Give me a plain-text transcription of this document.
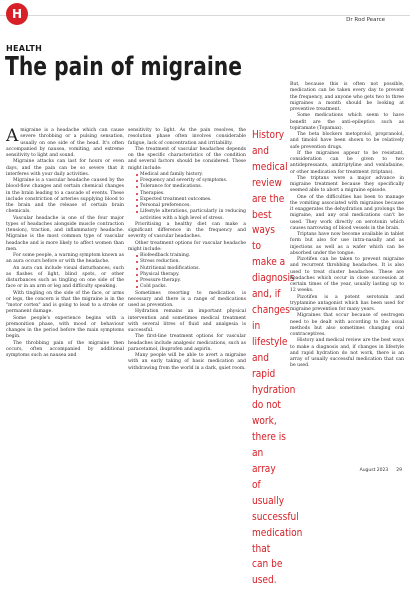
H	Dr Rod Pearce
HEALTH
The pain of migraine

Amigraine is a headache which can cause severe throbbing or a pulsing sensation, usually on one side of the head. It's often accompanied by nausea, vomiting, and extreme sensitivity to light and sound.

Migraine attacks can last for hours or even days, and the pain can be so severe that it interferes with your daily activities.

Migraine is a vascular headache caused by the blood-flow changes and certain chemical changes in the brain leading to a cascade of events. These include constriction of arteries supplying blood to the brain and the release of certain brain chemicals.

Vascular headache is one of the four major types of headaches alongside muscle contraction (tension), traction, and inflammatory headache. Migraine is the most common type of vascular headache and is more likely to affect women than men.

For some people, a warning symptom known as an aura occurs before or with the headache.

An aura can include visual disturbances, such as flashes of light, blind spots, or other disturbances such as tingling on one side of the face or in an arm or leg and difficulty speaking.

With tingling on the side of the face, or arms or legs, the concern is that the migraine is in the "motor cortex" and is going to lead to a stroke or permanent damage.

Some people's experience begins with a premonition phase, with mood or behaviour changes in the period before the main symptoms begin.

The throbbing pain of the migraine then occurs, often accompanied by additional symptoms such as nausea and

sensitivity to light. As the pain resolves, the resolution phase often involves considerable fatigue, lack of concentration and irritability.

The treatment of vascular headaches depends on the specific characteristics of the condition and several factors should be considered. These might include:

Medical and family history.
Frequency and severity of symptoms.
Tolerance for medications.
Therapies.
Expected treatment outcomes.
Personal preferences.
Lifestyle alterations, particularly in reducing activities with a high level of stress.

Prioritising a healthy diet can make a significant difference in the frequency and severity of vascular headaches.

Other treatment options for vascular headache might include:

Biofeedback training.
Stress reduction.
Nutritional modifications.
Physical therapy.
Pressure therapy.
Cold packs.

Sometimes resorting to medication is necessary and there is a range of medications used as prevention.

Hydration remains an important physical intervention and sometimes medical treatment with several litres of fluid and analgesia is successful.

The first-line treatment options for vascular headaches include analgesic medications, such as paracetamol, ibuprofen and aspirin.

Many people will be able to avert a migraine with an early taking of basic medication and withdrawing from the world in a dark, quiet room.

History and medical review are the best ways to make a diagnosis and, if changes in lifestyle and rapid hydration do not work, there is an array of usually successful medication that can be used.

But, because this is often not possible, medication can be taken every day to prevent the frequency, and anyone who gets two to three migraines a month should be looking at preventive treatment.

Some medications which seem to have benefit are the anti-epileptics such as topiramate (Topamax).

The beta blockers metoprolol, propranolol, and timolol have been shown to be relatively safe prevention drugs.

If the migraines appear to be resistant, consideration can be given to two antidepressants, amitriptyline and venlafaxine, or other medication for treatment (triptans).

The triptans were a major advance in migraine treatment because they specifically seemed able to abort a migraine episode.

One of the difficulties has been to manage the vomiting associated with migraines because it exaggerates the dehydration and prolongs the migraine, and any oral medications can't be used. They work directly on serotonin which causes narrowing of blood vessels in the brain.

Triptans have now become available in tablet form but also for use intra-nasally and as injections as well as a wafer which can be absorbed under the tongue.

Pizotifen can be taken to prevent migraine and recurrent throbbing headaches. It is also used to treat cluster headaches. These are headaches which occur in close succession at certain times of the year, usually lasting up to 12 weeks.

Pizotifen is a potent serotonin and tryptamine antagonist which has been used for migraine prevention for many years.

Migraines that occur because of oestrogen need to be dealt with according to the usual methods but also sometimes changing oral contraceptives.

History and medical review are the best ways to make a diagnosis and, if changes in lifestyle and rapid hydration do not work, there is an array of usually successful medication that can be used.

August 2023 29
